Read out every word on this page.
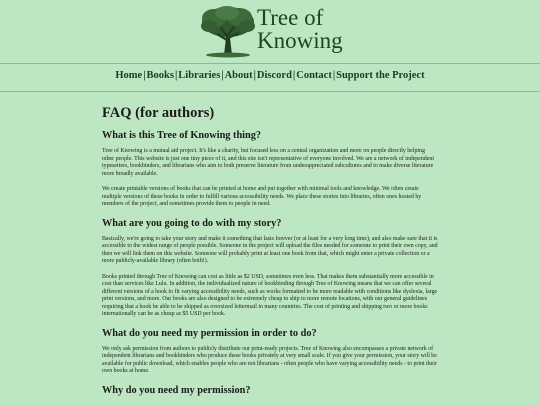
Tree of
Knowing
Home|Books|Libraries|About|Discord|Contact|Support the Project
FAQ (for authors)
What is this Tree of Knowing thing?

Tree of Knowing is a mutual aid project. It's like a charity, but focused less on a central organization and more on people directly helping other people. This website is just one tiny piece of it, and this site isn't representative of everyone involved. We are a network of independent typesetters, bookbinders, and librarians who aim to both preserve literature from underappreciated subcultures and to make diverse literature more broadly available.

We create printable versions of books that can be printed at home and put together with minimal tools and knowledge. We often create multiple versions of these books in order to fulfill various accessibility needs. We place these stories into libraries, often ones hosted by members of the project, and sometimes provide them to people in need.

What are you going to do with my story?

Basically, we're going to take your story and make it something that lasts forever (or at least for a very long time), and also make sure that it is accessible to the widest range of people possible. Someone in the project will upload the files needed for someone to print their own copy, and then we will link them on this website. Someone will probably print at least one book from that, which might enter a private collection or a more publicly-available library (often both!).

Books printed through Tree of Knowing can cost as little as $2 USD, sometimes even less. That makes them substantially more accessible in cost than services like Lulu. In addition, the individualized nature of bookbinding through Tree of Knowing means that we can offer several different versions of a book to fit varying accessibility needs, such as works formatted to be more readable with conditions like dyslexia, large print versions, and more. Our books are also designed to be extremely cheap to ship to more remote locations, with our general guidelines requiring that a book be able to be shipped as oversized lettermail in many countries. The cost of printing and shipping two or more books internationally can be as cheap as $5 USD per book.

What do you need my permission in order to do?

We only ask permission from authors to publicly distribute our print-ready projects. Tree of Knowing also encompasses a private network of independent librarians and bookbinders who produce these books privately at very small scale. If you give your permission, your story will be available for public download, which enables people who are not librarians - often people who have varying accessibility needs - to print their own books at home.

Why do you need my permission?
